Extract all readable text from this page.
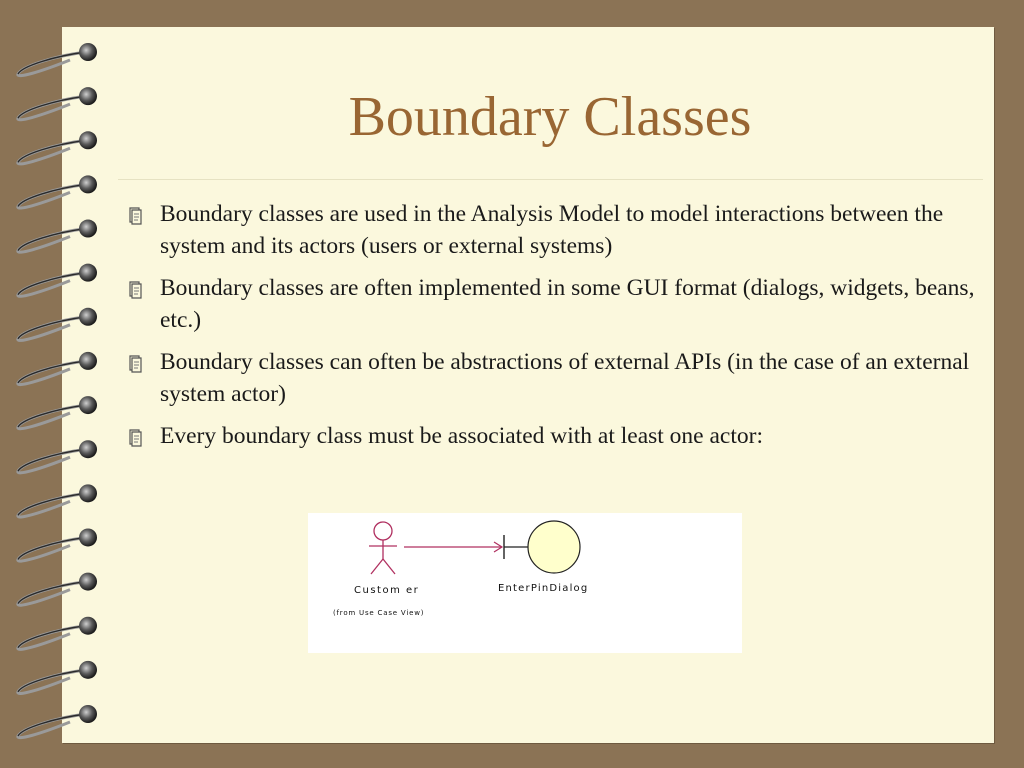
Boundary Classes
Boundary classes are used in the Analysis Model to model interactions between the system and its actors (users or external systems)
Boundary classes are often implemented in some GUI format (dialogs, widgets, beans, etc.)
Boundary classes can often be abstractions of external APIs (in the case of an external system actor)
Every boundary class must be associated with at least one actor:
Custom er
(from Use Case View)
EnterPinDialog
